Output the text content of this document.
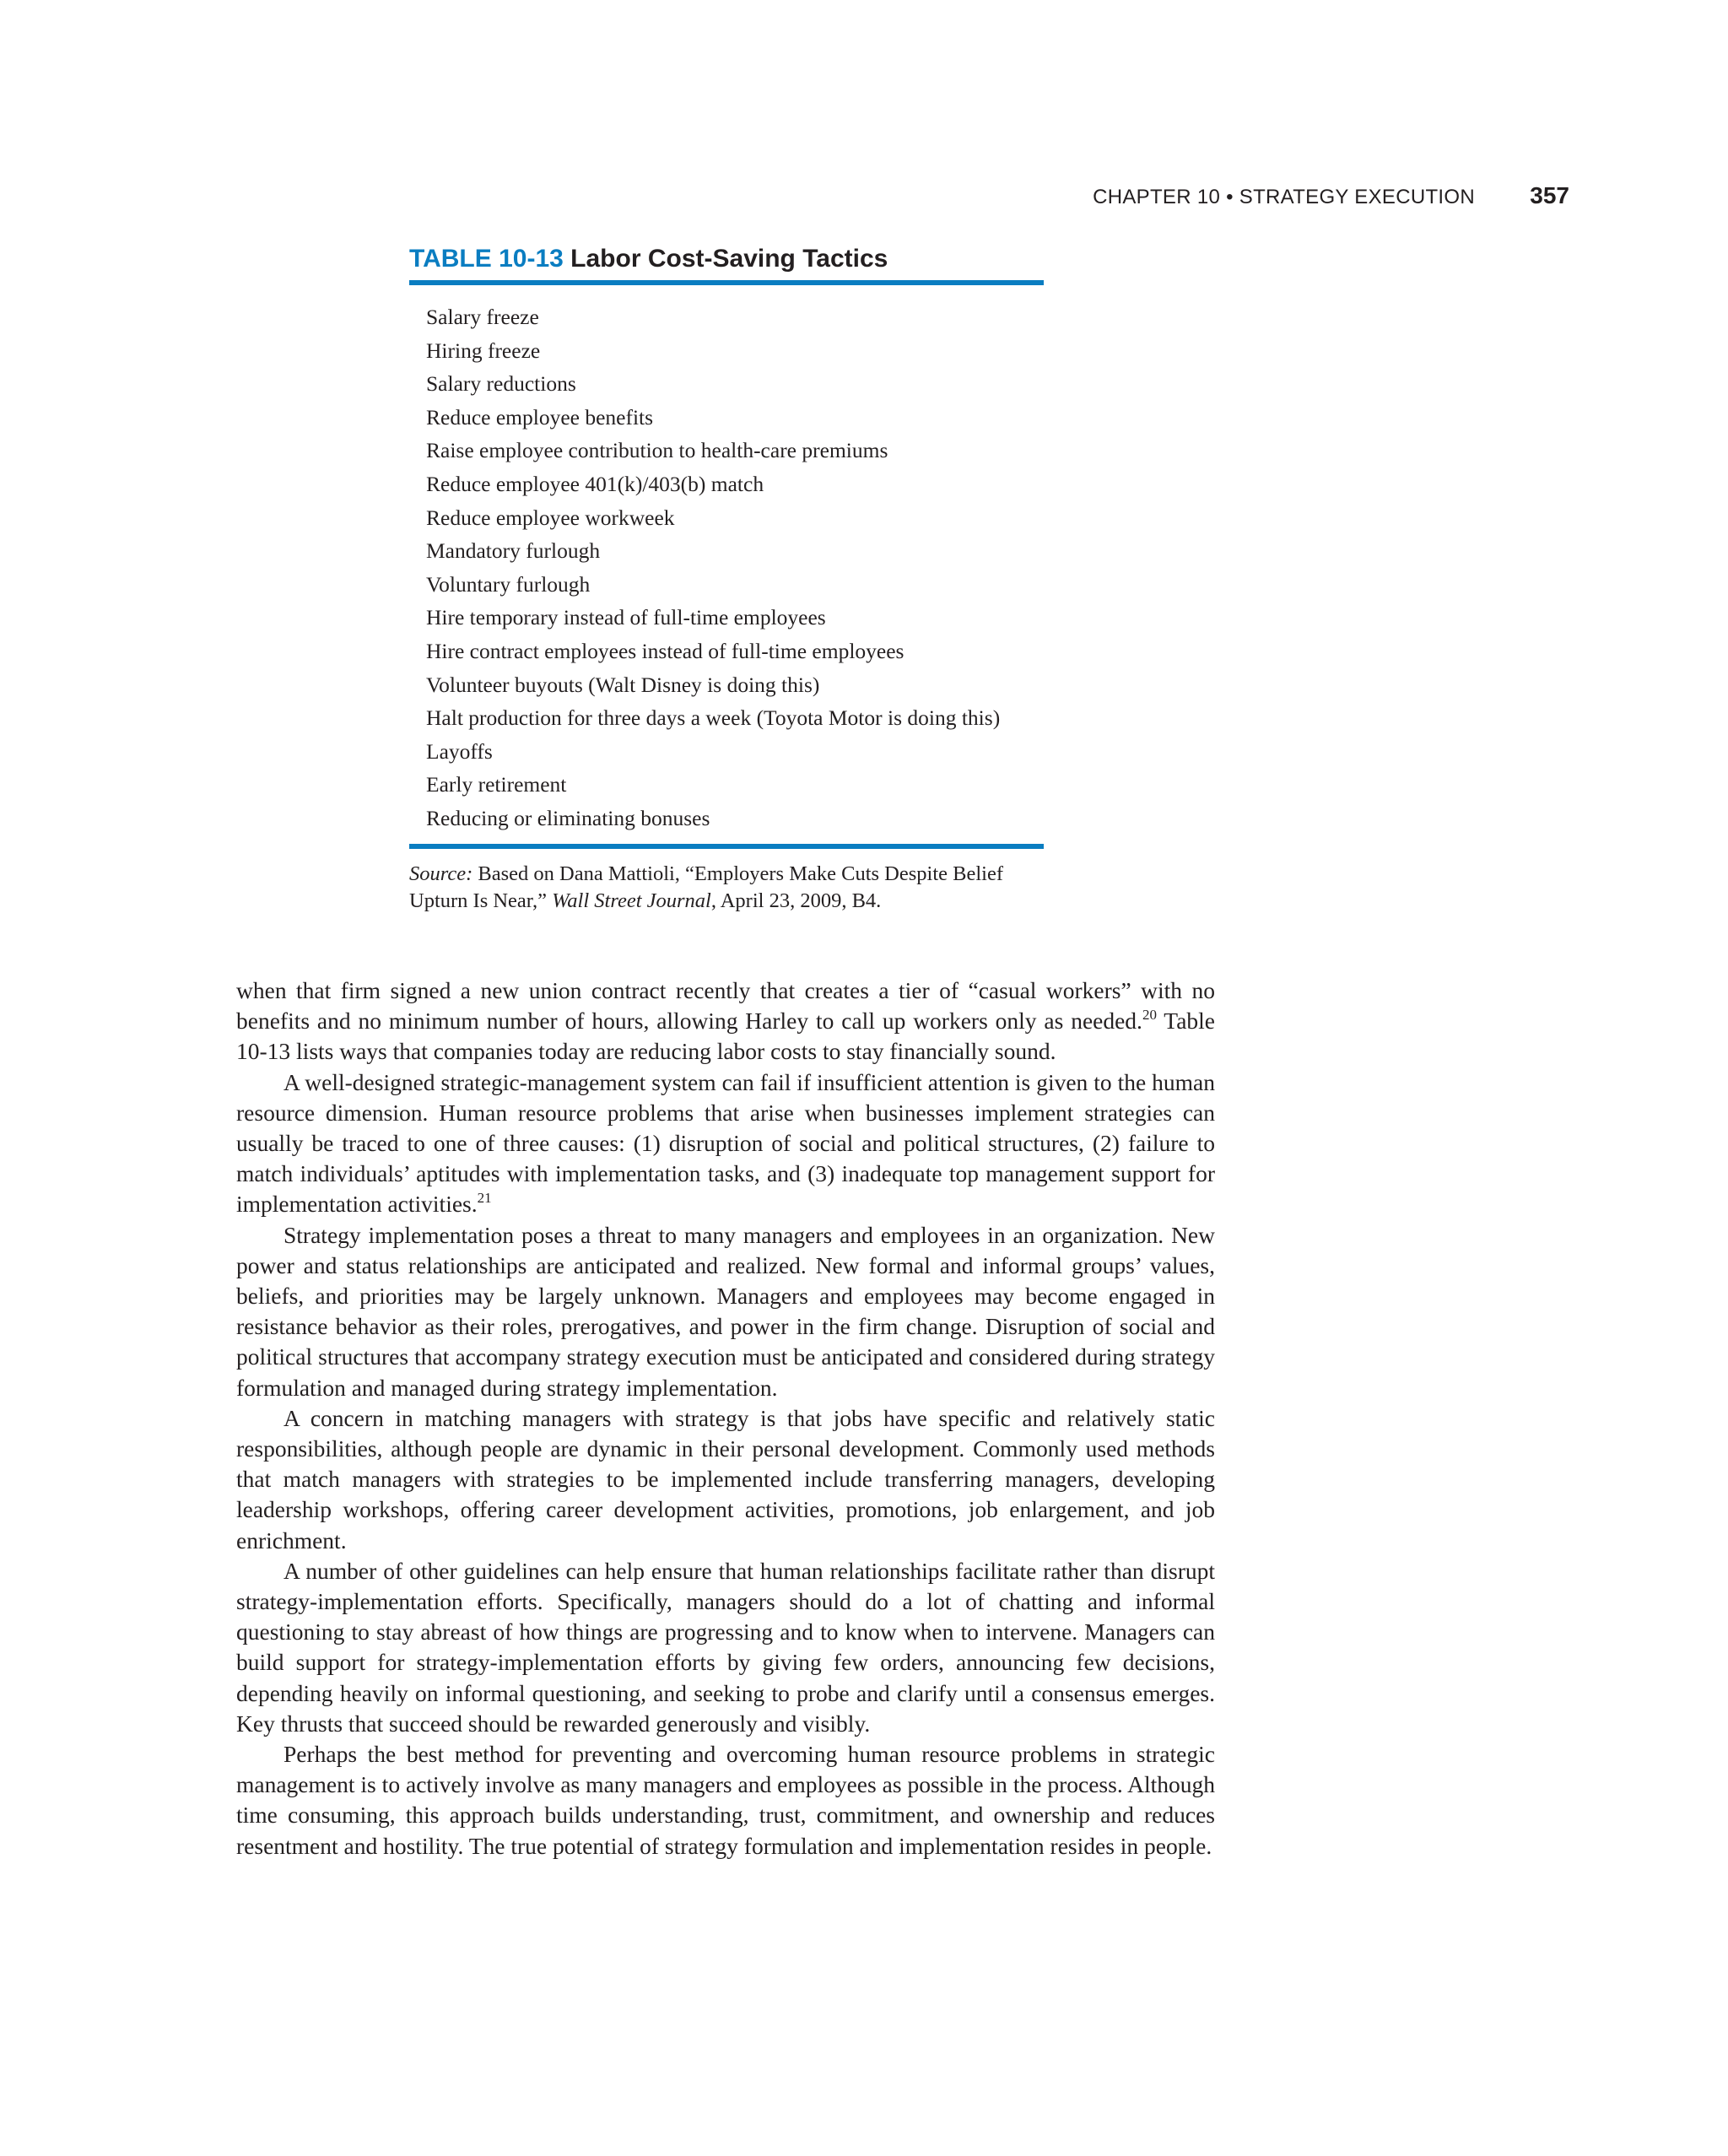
CHAPTER 10 • STRATEGY EXECUTION 357
TABLE 10-13 Labor Cost-Saving Tactics
Salary freeze
Hiring freeze
Salary reductions
Reduce employee benefits
Raise employee contribution to health-care premiums
Reduce employee 401(k)/403(b) match
Reduce employee workweek
Mandatory furlough
Voluntary furlough
Hire temporary instead of full-time employees
Hire contract employees instead of full-time employees
Volunteer buyouts (Walt Disney is doing this)
Halt production for three days a week (Toyota Motor is doing this)
Layoffs
Early retirement
Reducing or eliminating bonuses
Source: Based on Dana Mattioli, “Employers Make Cuts Despite Belief Upturn Is Near,” Wall Street Journal, April 23, 2009, B4.

when that firm signed a new union contract recently that creates a tier of “casual workers” with no benefits and no minimum number of hours, allowing Harley to call up workers only as needed.$^{20}$ Table 10-13 lists ways that companies today are reducing labor costs to stay financially sound.

A well-designed strategic-management system can fail if insufficient attention is given to the human resource dimension. Human resource problems that arise when businesses implement strategies can usually be traced to one of three causes: (1) disruption of social and political structures, (2) failure to match individuals’ aptitudes with implementation tasks, and (3) inadequate top management support for implementation activities.$^{21}$

Strategy implementation poses a threat to many managers and employees in an organization. New power and status relationships are anticipated and realized. New formal and informal groups’ values, beliefs, and priorities may be largely unknown. Managers and employees may become engaged in resistance behavior as their roles, prerogatives, and power in the firm change. Disruption of social and political structures that accompany strategy execution must be anticipated and considered during strategy formulation and managed during strategy implementation.

A concern in matching managers with strategy is that jobs have specific and relatively static responsibilities, although people are dynamic in their personal development. Commonly used methods that match managers with strategies to be implemented include transferring managers, developing leadership workshops, offering career development activities, promotions, job enlargement, and job enrichment.

A number of other guidelines can help ensure that human relationships facilitate rather than disrupt strategy-implementation efforts. Specifically, managers should do a lot of chatting and informal questioning to stay abreast of how things are progressing and to know when to intervene. Managers can build support for strategy-implementation efforts by giving few orders, announcing few decisions, depending heavily on informal questioning, and seeking to probe and clarify until a consensus emerges. Key thrusts that succeed should be rewarded generously and visibly.

Perhaps the best method for preventing and overcoming human resource problems in strategic management is to actively involve as many managers and employees as possible in the process. Although time consuming, this approach builds understanding, trust, commitment, and ownership and reduces resentment and hostility. The true potential of strategy formulation and implementation resides in people.
